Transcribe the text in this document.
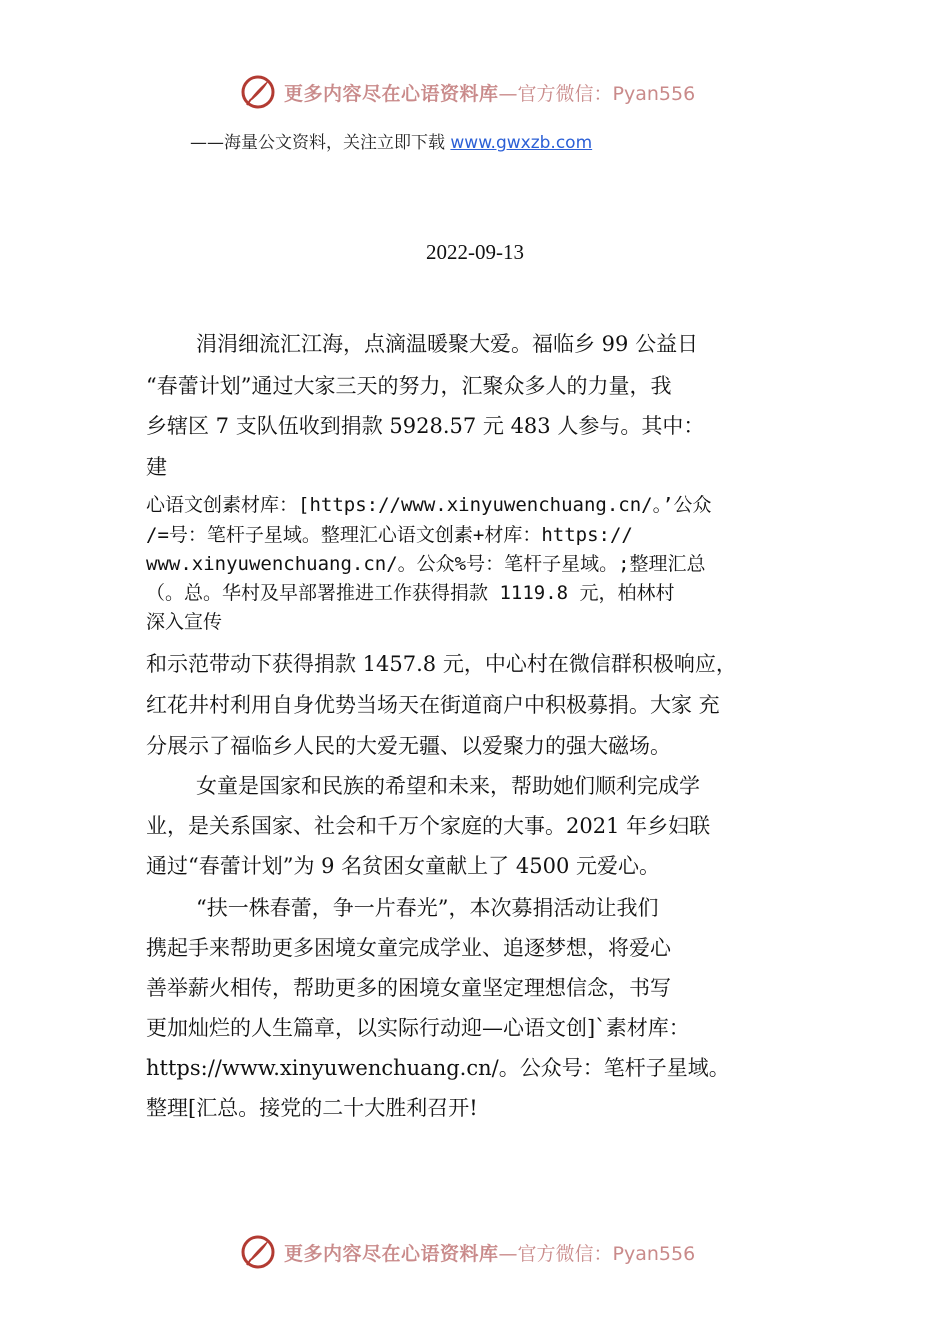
更多内容尽在心语资料库 —官方微信：Pyan556
——海量公文资料，关注立即下载 www.gwxzb.com
2022-09-13
涓涓细流汇江海，点滴温暖聚大爱。福临乡 99 公益日
“春蕾计划”通过大家三天的努力，汇聚众多人的力量，我
乡辖区 7 支队伍收到捐款 5928.57 元 483 人参与。其中：
建
心语文创素材库：[https://www.xinyuwenchuang.cn/。’公众
/=号：笔杆子星域。整理汇心语文创素+材库：https://
www.xinyuwenchuang.cn/。公众%号：笔杆子星域。;整理汇总
（。总。华村及早部署推进工作获得捐款 1119.8 元，柏林村
深入宣传
和示范带动下获得捐款 1457.8 元，中心村在微信群积极响应，
红花井村利用自身优势当场天在街道商户中积极募捐。大家 充
分展示了福临乡人民的大爱无疆、以爱聚力的强大磁场。
女童是国家和民族的希望和未来，帮助她们顺利完成学
业，是关系国家、社会和千万个家庭的大事。2021 年乡妇联
通过“春蕾计划”为 9 名贫困女童献上了 4500 元爱心。
“扶一株春蕾，争一片春光”，本次募捐活动让我们
携起手来帮助更多困境女童完成学业、追逐梦想，将爱心
善举薪火相传，帮助更多的困境女童坚定理想信念，书写
更加灿烂的人生篇章，以实际行动迎—心语文创]`素材库：
https://www.xinyuwenchuang.cn/。公众号：笔杆子星域。
整理[汇总。接党的二十大胜利召开!
更多内容尽在心语资料库 —官方微信：Pyan556
